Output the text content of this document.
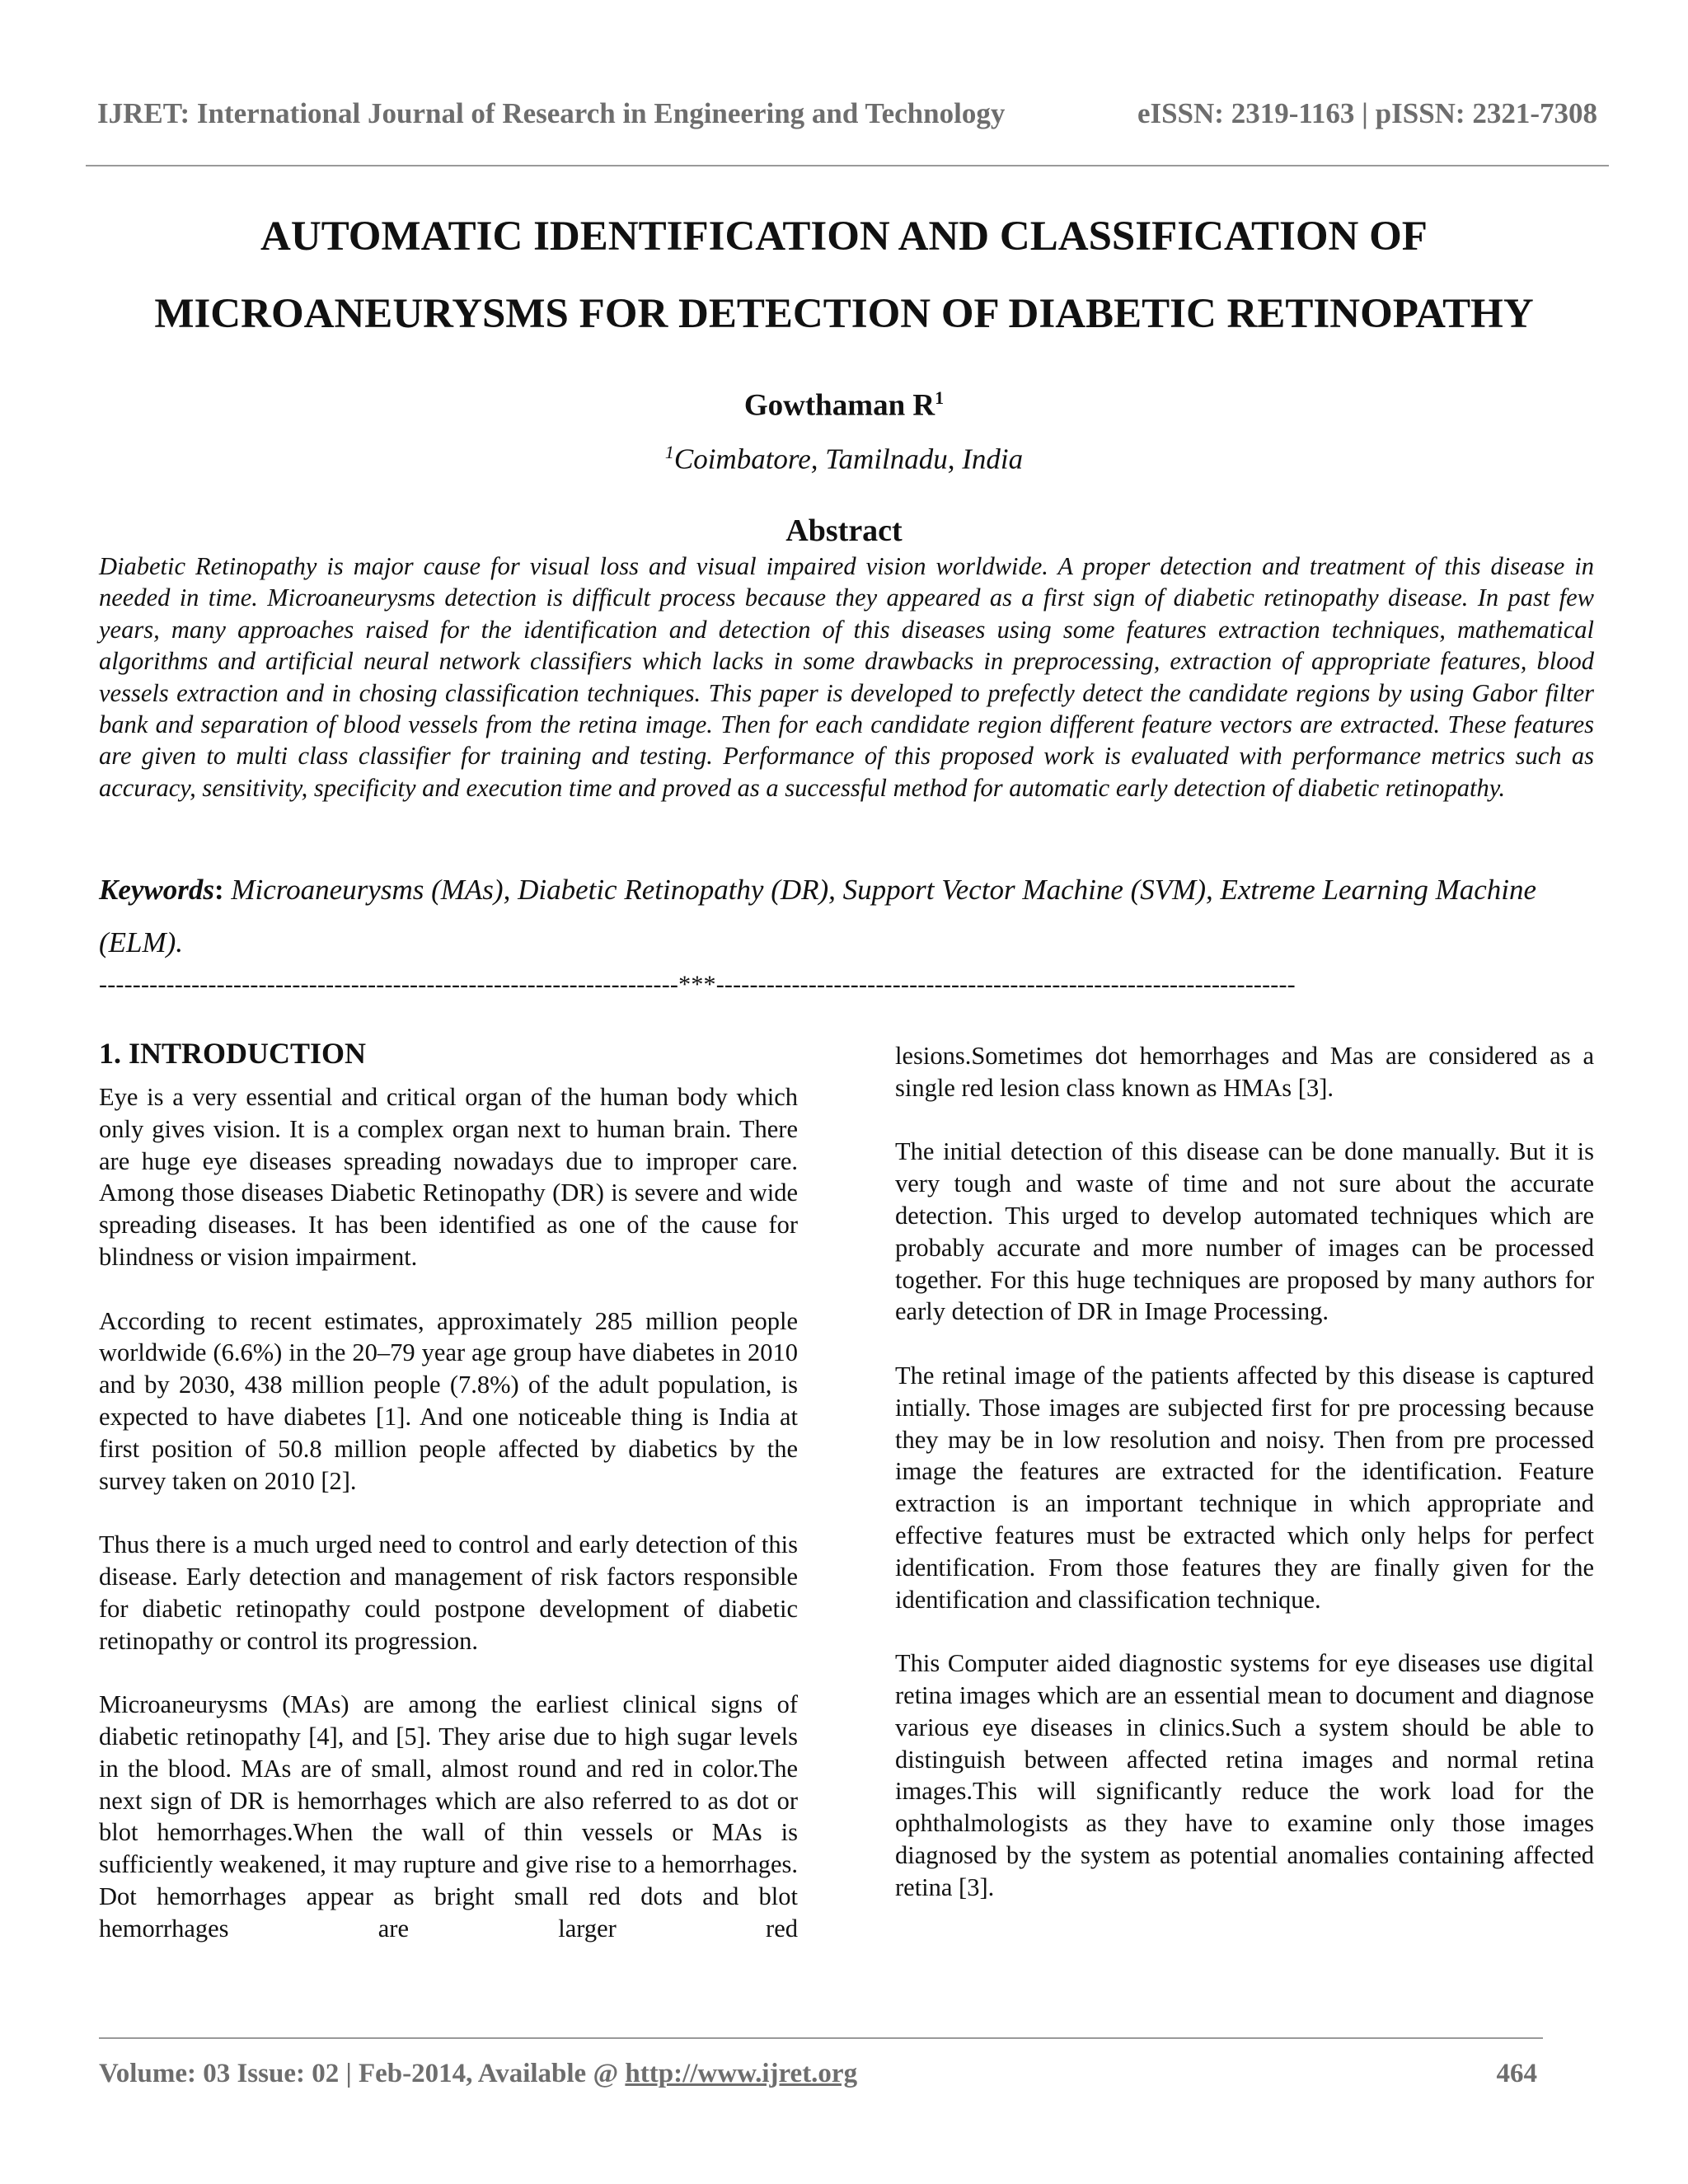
IJRET: International Journal of Research in Engineering and Technology	eISSN: 2319-1163 | pISSN: 2321-7308
AUTOMATIC IDENTIFICATION AND CLASSIFICATION OF
MICROANEURYSMS FOR DETECTION OF DIABETIC RETINOPATHY
Gowthaman $R^1$
$^1$Coimbatore, Tamilnadu, India
Abstract
Diabetic Retinopathy is major cause for visual loss and visual impaired vision worldwide. A proper detection and treatment of this disease in needed in time. Microaneurysms detection is difficult process because they appeared as a first sign of diabetic retinopathy disease. In past few years, many approaches raised for the identification and detection of this diseases using some features extraction techniques, mathematical algorithms and artificial neural network classifiers which lacks in some drawbacks in preprocessing, extraction of appropriate features, blood vessels extraction and in chosing classification techniques. This paper is developed to prefectly detect the candidate regions by using Gabor filter bank and separation of blood vessels from the retina image. Then for each candidate region different feature vectors are extracted. These features are given to multi class classifier for training and testing. Performance of this proposed work is evaluated with performance metrics such as accuracy, sensitivity, specificity and execution time and proved as a successful method for automatic early detection of diabetic retinopathy.
Keywords: Microaneurysms (MAs), Diabetic Retinopathy (DR), Support Vector Machine (SVM), Extreme Learning Machine (ELM).
---------------------------------------------------------------------***---------------------------------------------------------------------
1. INTRODUCTION

Eye is a very essential and critical organ of the human body which only gives vision. It is a complex organ next to human brain. There are huge eye diseases spreading nowadays due to improper care. Among those diseases Diabetic Retinopathy (DR) is severe and wide spreading diseases. It has been identified as one of the cause for blindness or vision impairment.

According to recent estimates, approximately 285 million people worldwide (6.6%) in the 20–79 year age group have diabetes in 2010 and by 2030, 438 million people (7.8%) of the adult population, is expected to have diabetes [1]. And one noticeable thing is India at first position of 50.8 million people affected by diabetics by the survey taken on 2010 [2].

Thus there is a much urged need to control and early detection of this disease. Early detection and management of risk factors responsible for diabetic retinopathy could postpone development of diabetic retinopathy or control its progression.

Microaneurysms (MAs) are among the earliest clinical signs of diabetic retinopathy [4], and [5]. They arise due to high sugar levels in the blood. MAs are of small, almost round and red in color.The next sign of DR is hemorrhages which are also referred to as dot or blot hemorrhages.When the wall of thin vessels or MAs is sufficiently weakened, it may rupture and give rise to a hemorrhages. Dot hemorrhages appear as bright small red dots and blot hemorrhages are larger red

lesions.Sometimes dot hemorrhages and Mas are considered as a single red lesion class known as HMAs [3].

The initial detection of this disease can be done manually. But it is very tough and waste of time and not sure about the accurate detection. This urged to develop automated techniques which are probably accurate and more number of images can be processed together. For this huge techniques are proposed by many authors for early detection of DR in Image Processing.

The retinal image of the patients affected by this disease is captured intially. Those images are subjected first for pre processing because they may be in low resolution and noisy. Then from pre processed image the features are extracted for the identification. Feature extraction is an important technique in which appropriate and effective features must be extracted which only helps for perfect identification. From those features they are finally given for the identification and classification technique.

This Computer aided diagnostic systems for eye diseases use digital retina images which are an essential mean to document and diagnose various eye diseases in clinics.Such a system should be able to distinguish between affected retina images and normal retina images.This will significantly reduce the work load for the ophthalmologists as they have to examine only those images diagnosed by the system as potential anomalies containing affected retina [3].

Volume: 03 Issue: 02 | Feb-2014, Available @ http://www.ijret.org	464
